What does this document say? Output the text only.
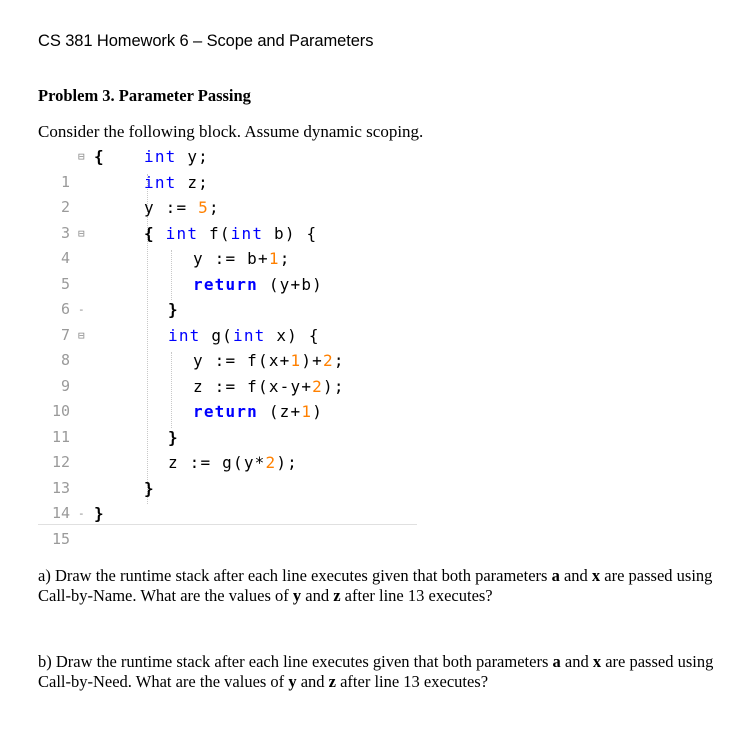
CS 381 Homework 6 – Scope and Parameters
Problem 3. Parameter Passing
Consider the following block. Assume dynamic scoping.

1

⊟

{

int y;

2

int z;

3

y := 5;

4

⊟

	{ int f(int b) {

5

y := b+1;

6

return (y+b)

7

-

	}

8

⊟

	int g(int x) {

9

y := f(x+1)+2;

10

z := f(x-y+2);

11

return (z+1)

12

}

13

z := g(y*2);

14

}

15

-

}

a) Draw the runtime stack after each line executes given that both parameters a and x are passed using Call-by-Name. What are the values of y and z after line 13 executes?
b) Draw the runtime stack after each line executes given that both parameters a and x are passed using Call-by-Need. What are the values of y and z after line 13 executes?
